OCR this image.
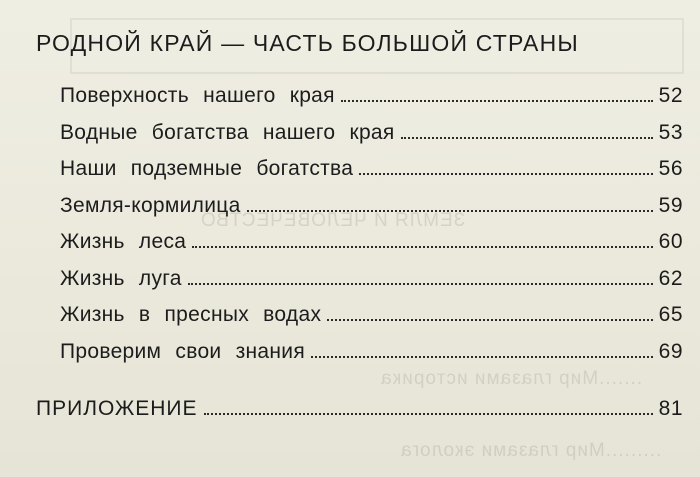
ЗЕМЛЯ И ЧЕЛОВЕЧЕСТВО
.......Мир глазами историка
.........Мир глазами эколога
РОДНОЙ КРАЙ — ЧАСТЬ БОЛЬШОЙ СТРАНЫ
Поверхность нашего края	52
Водные богатства нашего края	53
Наши подземные богатства	56
Земля-кормилица	59
Жизнь леса	60
Жизнь луга	62
Жизнь в пресных водах	65
Проверим свои знания	69
ПРИЛОЖЕНИЕ	81
